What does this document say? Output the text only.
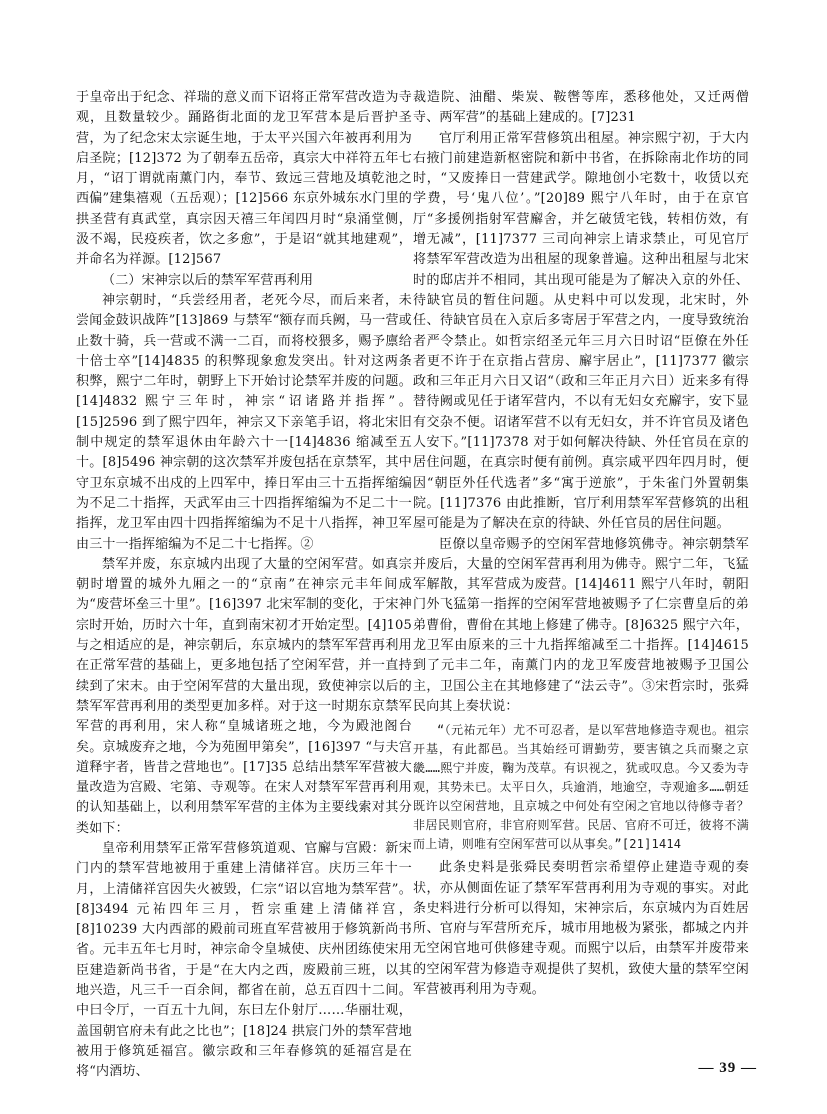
于皇帝出于纪念、祥瑞的意义而下诏将正常军营改造为寺观，且数量较少。踊路街北面的龙卫军营本是后晋护圣营，为了纪念宋太宗诞生地，于太平兴国六年被再利用为启圣院；[12]372 为了朝奉五岳帝，真宗大中祥符五年七月，“诏丁谓就南薰门内，奉节、致远三营地及填乾池之西偏”建集禧观（五岳观）；[12]566 东京外城东水门里的拱圣营有真武堂，真宗因天禧三年闰四月时“泉涌堂侧，汲不竭，民疫疾者，饮之多愈”，于是诏“就其地建观”，并命名为祥源。[12]567

（二）宋神宗以后的禁军军营再利用

神宗朝时，“兵尝经用者，老死今尽，而后来者，未尝闻金鼓识战阵”[13]869 与禁军“额存而兵阙，马一营或止数十骑，兵一营或不满一二百，而将校猥多，赐予廪给十倍士卒”[14]4835 的积弊现象愈发突出。针对这两条积弊，熙宁二年时，朝野上下开始讨论禁军并废的问题。[14]4832 熙宁三年时，神宗“诏诸路并指挥”。[15]2596 到了熙宁四年，神宗又下亲笔手诏，将北宋旧制中规定的禁军退休由年龄六十一[14]4836 缩减至五十。[8]5496 神宗朝的这次禁军并废包括在京禁军，其中守卫东京城不出戍的上四军中，捧日军由三十五指挥缩编为不足二十指挥，天武军由三十四指挥缩编为不足二十一指挥，龙卫军由四十四指挥缩编为不足十八指挥，神卫军由三十一指挥缩编为不足二十七指挥。②

禁军并废，东京城内出现了大量的空闲军营。如真宗朝时增置的城外九厢之一的“京南”在神宗元丰年间成为“废营坏垒三十里”。[16]397 北宋军制的变化，于宋神宗时开始，历时六十年，直到南宋初才开始定型。[4]105 与之相适应的是，神宗朝后，东京城内的禁军军营再利用在正常军营的基础上，更多地包括了空闲军营，并一直持续到了宋末。由于空闲军营的大量出现，致使神宗以后的禁军军营再利用的类型更加多样。对于这一时期东京禁军军营的再利用，宋人称“皇城诸班之地，今为殿池阁台矣。京城废弃之地，今为苑囿甲第矣”，[16]397 “与夫宫道释宇者，皆昔之营地也”。[17]35 总结出禁军军营被大量改造为宫殿、宅第、寺观等。在宋人对禁军军营再利用的认知基础上，以利用禁军军营的主体为主要线索对其分类如下：

皇帝利用禁军正常军营修筑道观、官廨与宫殿：新宋门内的禁军营地被用于重建上清储祥宫。庆历三年十一月，上清储祥宫因失火被毁，仁宗“诏以宫地为禁军营”。[8]3494 元祐四年三月，哲宗重建上清储祥宫，[8]10239 大内西部的殿前司班直军营被用于修筑新尚书省。元丰五年七月时，神宗命令皇城使、庆州团练使宋用臣建造新尚书省，于是“在大内之西，废殿前三班，以其地兴造，凡三千一百余间，都省在前，总五百四十二间。中曰令厅，一百五十九间，东曰左仆射厅……华丽壮观，盖国朝官府未有此之比也”；[18]24 拱宸门外的禁军营地被用于修筑延福宫。徽宗政和三年春修筑的延福宫是在将“内酒坊、

裁造院、油醋、柴炭、鞍辔等库，悉移他处，又迁两僧寺、两军营”的基础上建成的。[7]231

官厅利用正常军营修筑出租屋。神宗熙宁初，于大内右掖门前建造新枢密院和新中书省，在拆除南北作坊的同时，“又废捧日一营建武学。隙地创小宅数十，收赁以充学费，号‘鬼八位’。”[20]89 熙宁八年时，由于在京官厅“多援例指射军营廨舍，并乞破赁宅钱，转相仿效，有增无减”，[11]7377 三司向神宗上请求禁止，可见官厅将禁军军营改造为出租屋的现象普遍。这种出租屋与北宋时的邸店并不相同，其出现可能是为了解决入京的外任、待缺官员的暂住问题。从史料中可以发现，北宋时，外任、待缺官员在入京后多寄居于军营之内，一度导致统治者严令禁止。如哲宗绍圣元年三月六日时诏“臣僚在外任者更不许于在京指占营房、廨宇居止”，[11]7377 徽宗政和三年正月六日又诏“（政和三年正月六日）近来多有得替待阙或见任于诸军营内，不以有无妇女充廨宇，安下显有交杂不便。诏诸军营不以有无妇女，并不许官员及诸色人安下。”[11]7378 对于如何解决待缺、外任官员在京的居住问题，在真宗时便有前例。真宗咸平四年四月时，便因“朝臣外任代选者”多“寓于逆旅”，于朱雀门外置朝集院。[11]7376 由此推断，官厅利用禁军军营修筑的出租屋可能是为了解决在京的待缺、外任官员的居住问题。

臣僚以皇帝赐予的空闲军营地修筑佛寺。神宗朝禁军并废后，大量的空闲军营再利用为佛寺。熙宁二年，飞猛军解散，其军营成为废营。[14]4611 熙宁八年时，朝阳门外飞猛第一指挥的空闲军营地被赐予了仁宗曹皇后的弟弟曹佾，曹佾在其地上修建了佛寺。[8]6325 熙宁六年，龙卫军由原来的三十九指挥缩减至二十指挥。[14]4615 到了元丰二年，南薰门内的龙卫军废营地被赐予卫国公主，卫国公主在其地修建了“法云寺”。③宋哲宗时，张舜民向其上奏状说：

“（元祐元年）尤不可忍者，是以军营地修造寺观也。祖宗开基，有此都邑。当其始经可谓勤劳，要害镇之兵而聚之京畿……熙宁并废，鞠为茂草。有识视之，犹或叹息。今又委为寺观，其势未已。太平日久，兵逾消，地逾空，寺观逾多……朝廷既许以空闲营地，且京城之中何处有空闲之官地以待修寺者？非居民则官府，非官府则军营。民居、官府不可迁，彼将不满而上请，则唯有空闲军营可以从事矣。”[21]1414

此条史料是张舜民奏明哲宗希望停止建造寺观的奏状，亦从侧面佐证了禁军军营再利用为寺观的事实。对此条史料进行分析可以得知，宋神宗后，东京城内为百姓居所、官府与军营所充斥，城市用地极为紧张，都城之内并无空闲官地可供修建寺观。而熙宁以后，由禁军并废带来的空闲军营为修造寺观提供了契机，致使大量的禁军空闲军营被再利用为寺观。

— 39 —
